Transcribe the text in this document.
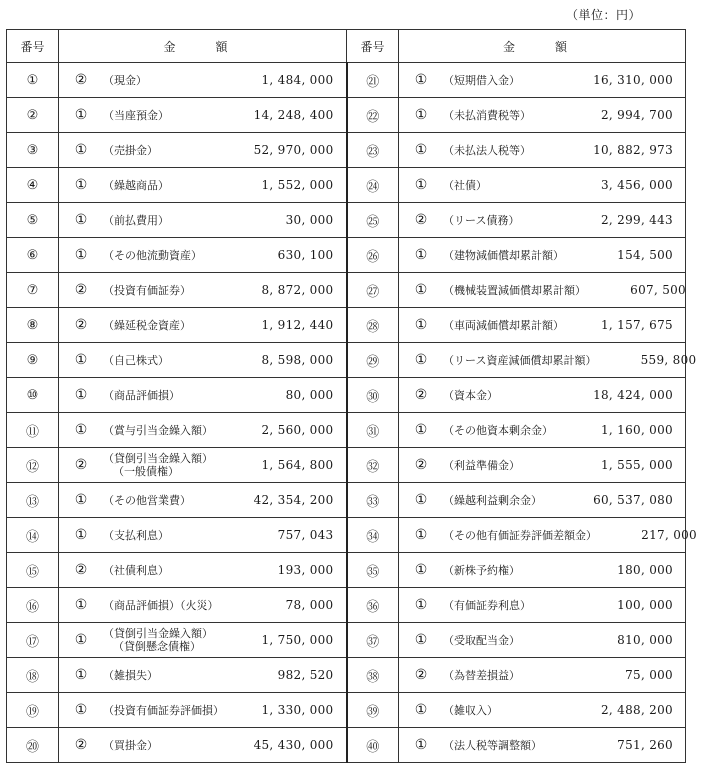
（単位：円）
番号	金　額	番号	金　額
①	② （現金） 1, 484, 000	㉑	① （短期借入金） 16, 310, 000

②	① （当座預金） 14, 248, 400	㉒	① （未払消費税等） 2, 994, 700

③	① （売掛金） 52, 970, 000	㉓	① （未払法人税等） 10, 882, 973

④	① （繰越商品） 1, 552, 000	㉔	① （社債） 3, 456, 000

⑤	① （前払費用） 30, 000	㉕	② （リース債務） 2, 299, 443

⑥	① （その他流動資産） 630, 100	㉖	① （建物減価償却累計額） 154, 500

⑦	② （投資有価証券） 8, 872, 000	㉗	① （機械装置減価償却累計額） 607, 500

⑧	② （繰延税金資産） 1, 912, 440	㉘	① （車両減価償却累計額） 1, 157, 675

⑨	① （自己株式） 8, 598, 000	㉙	① （リース資産減価償却累計額） 559, 800

⑩	① （商品評価損） 80, 000	㉚	② （資本金） 18, 424, 000

⑪	① （賞与引当金繰入額） 2, 560, 000	㉛	① （その他資本剰余金） 1, 160, 000

⑫	② （貸倒引当金繰入額）
（一般債権） 1, 564, 800	㉜	② （利益準備金） 1, 555, 000

⑬	① （その他営業費） 42, 354, 200	㉝	① （繰越利益剰余金） 60, 537, 080

⑭	① （支払利息） 757, 043	㉞	① （その他有価証券評価差額金） 217, 000

⑮	② （社債利息） 193, 000	㉟	① （新株予約権） 180, 000

⑯	① （商品評価損）（火災） 78, 000	㊱	① （有価証券利息） 100, 000

⑰	① （貸倒引当金繰入額）
（貸倒懸念債権） 1, 750, 000	㊲	① （受取配当金） 810, 000

⑱	① （雑損失） 982, 520	㊳	② （為替差損益） 75, 000

⑲	① （投資有価証券評価損） 1, 330, 000	㊴	① （雑収入） 2, 488, 200

⑳	② （買掛金） 45, 430, 000	㊵	① （法人税等調整額） 751, 260
